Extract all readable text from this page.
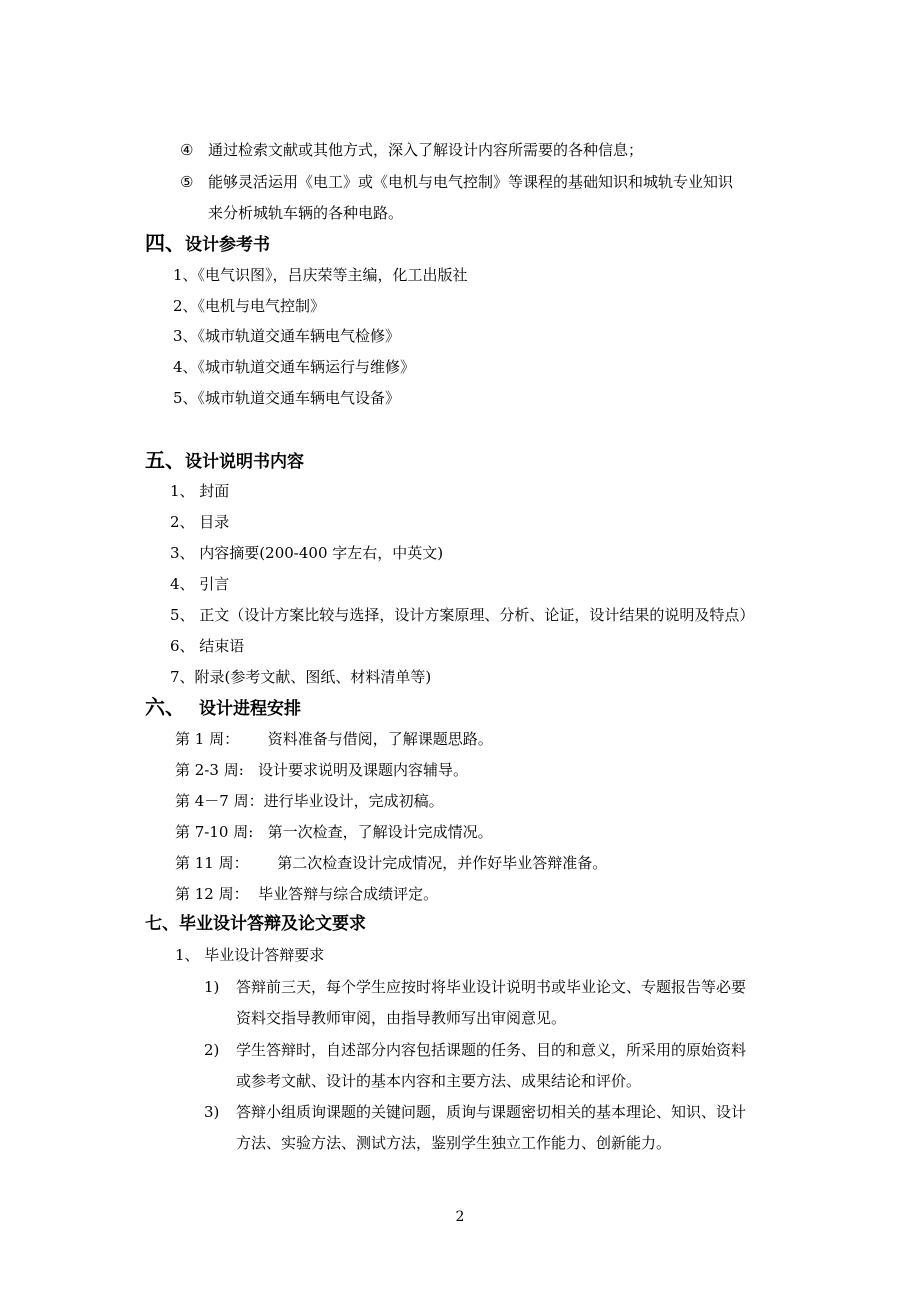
④ 通过检索文献或其他方式，深入了解设计内容所需要的各种信息；
⑤ 能够灵活运用《电工》或《电机与电气控制》等课程的基础知识和城轨专业知识
来分析城轨车辆的各种电路。
四、设计参考书
1、《电气识图》，吕庆荣等主编，化工出版社
2、《电机与电气控制》
3、《城市轨道交通车辆电气检修》
4、《城市轨道交通车辆运行与维修》
5、《城市轨道交通车辆电气设备》
五、设计说明书内容
1、 封面
2、 目录
3、 内容摘要(200-400 字左右，中英文)
4、 引言
5、 正文（设计方案比较与选择，设计方案原理、分析、论证，设计结果的说明及特点）
6、 结束语
7、附录(参考文献、图纸、材料清单等)
六、 设计进程安排
第 1 周：      资料准备与借阅，了解课题思路。
第 2-3 周:   设计要求说明及课题内容辅导。
第 4－7 周：进行毕业设计，完成初稿。
第 7-10 周:   第一次检查，了解设计完成情况。
第 11 周：      第二次检查设计完成情况，并作好毕业答辩准备。
第 12 周：  毕业答辩与综合成绩评定。
七、毕业设计答辩及论文要求
1、 毕业设计答辩要求
1) 答辩前三天，每个学生应按时将毕业设计说明书或毕业论文、专题报告等必要
资料交指导教师审阅，由指导教师写出审阅意见。
2) 学生答辩时，自述部分内容包括课题的任务、目的和意义，所采用的原始资料
或参考文献、设计的基本内容和主要方法、成果结论和评价。
3) 答辩小组质询课题的关键问题，质询与课题密切相关的基本理论、知识、设计
方法、实验方法、测试方法，鉴别学生独立工作能力、创新能力。
2
